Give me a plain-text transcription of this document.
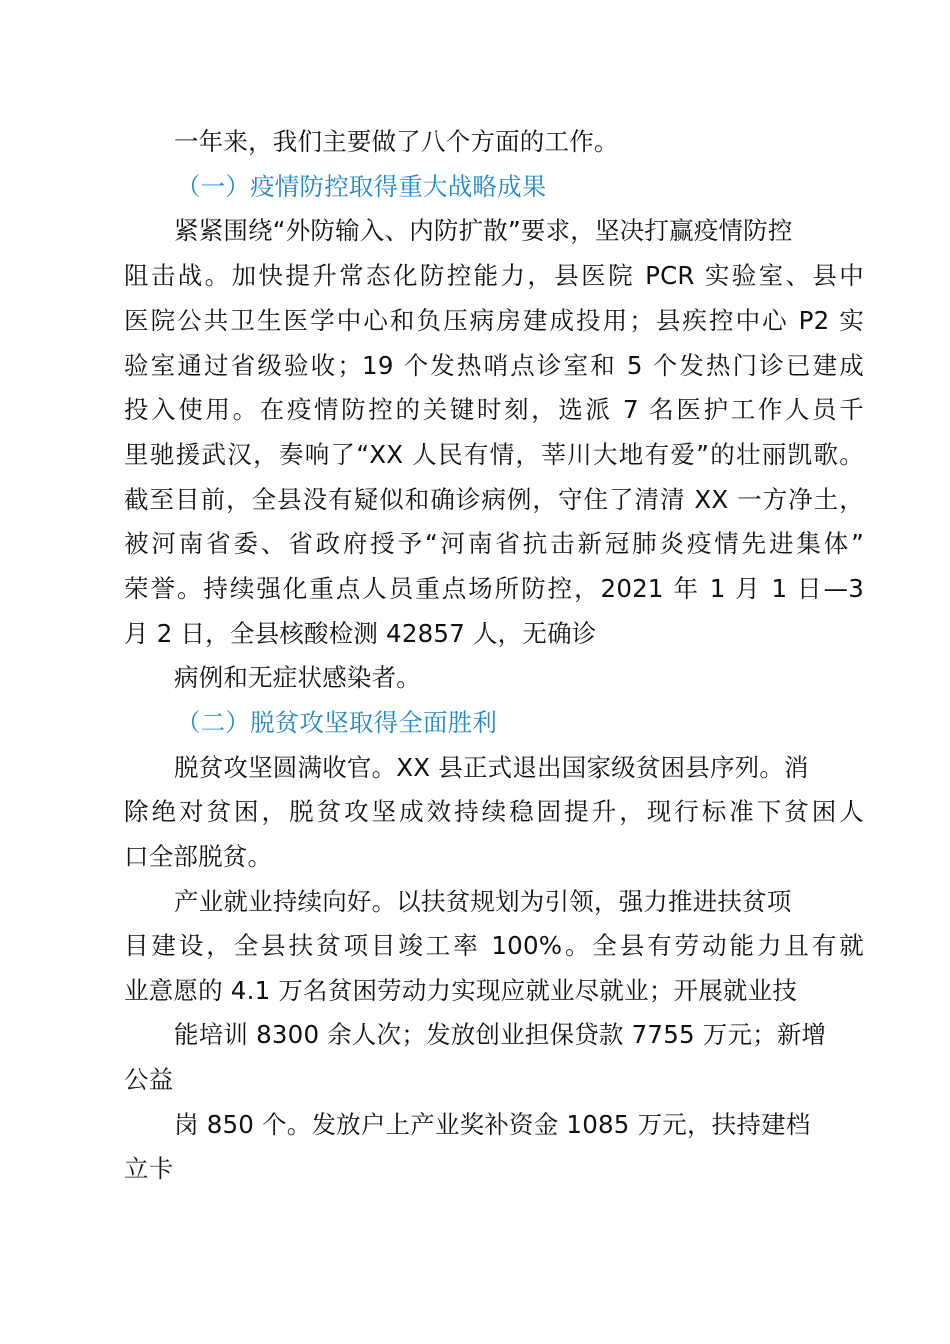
一年来，我们主要做了八个方面的工作。
（一）疫情防控取得重大战略成果
紧紧围绕“外防输入、内防扩散”要求，坚决打赢疫情防控
阻击战。加快提升常态化防控能力，县医院 PCR 实验室、县中
医院公共卫生医学中心和负压病房建成投用；县疾控中心 P2 实
验室通过省级验收；19 个发热哨点诊室和 5 个发热门诊已建成
投入使用。在疫情防控的关键时刻，选派 7 名医护工作人员千
里驰援武汉，奏响了“XX 人民有情，莘川大地有爱”的壮丽凯歌。
截至目前，全县没有疑似和确诊病例，守住了清清 XX 一方净土，
被河南省委、省政府授予“河南省抗击新冠肺炎疫情先进集体”
荣誉。持续强化重点人员重点场所防控，2021 年 1 月 1 日—3
月 2 日，全县核酸检测 42857 人，无确诊
病例和无症状感染者。
（二）脱贫攻坚取得全面胜利
脱贫攻坚圆满收官。XX 县正式退出国家级贫困县序列。消
除绝对贫困，脱贫攻坚成效持续稳固提升，现行标准下贫困人
口全部脱贫。
产业就业持续向好。以扶贫规划为引领，强力推进扶贫项
目建设，全县扶贫项目竣工率 100%。全县有劳动能力且有就
业意愿的 4.1 万名贫困劳动力实现应就业尽就业；开展就业技
能培训 8300 余人次；发放创业担保贷款 7755 万元；新增
公益
岗 850 个。发放户上产业奖补资金 1085 万元，扶持建档
立卡
